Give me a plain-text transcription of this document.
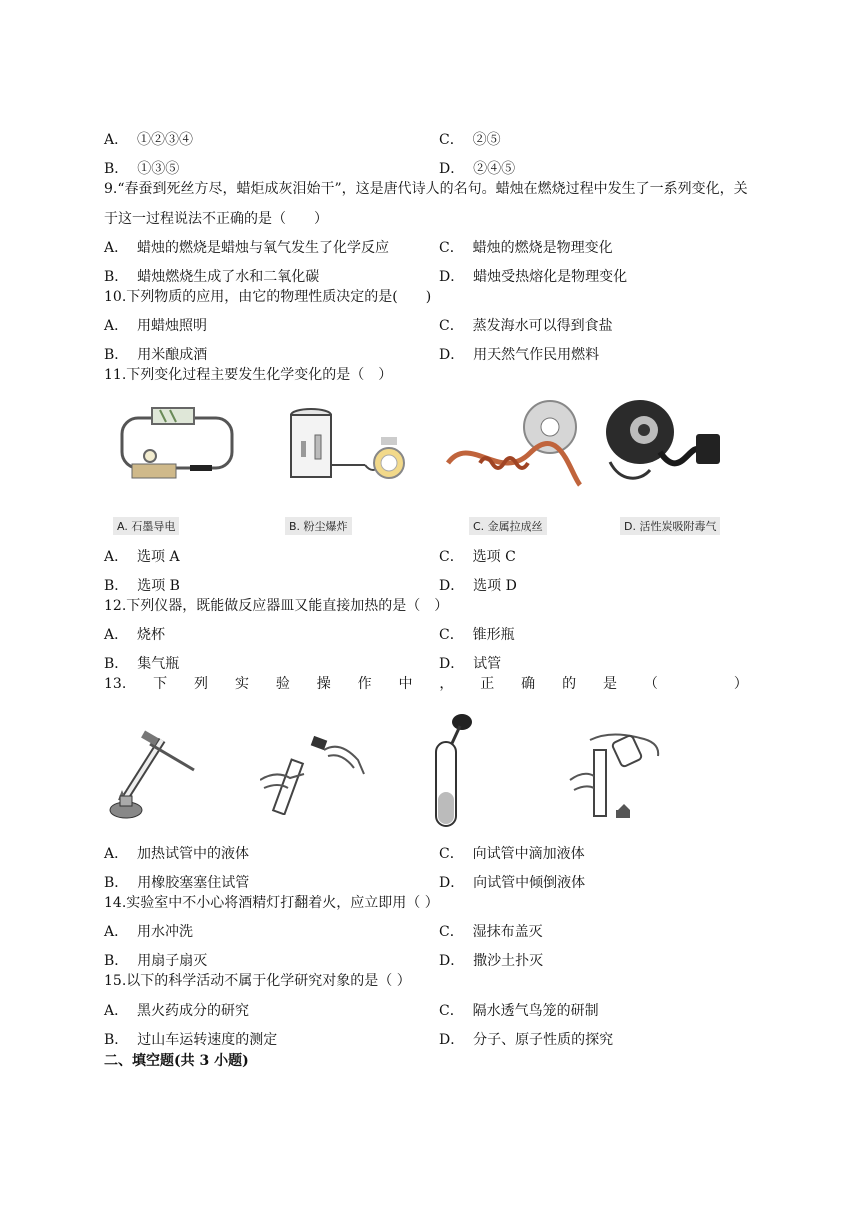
A． ①②③④	C． ②⑤
B． ①③⑤	D． ②④⑤
9.“春蚕到死丝方尽，蜡炬成灰泪始干”，这是唐代诗人的名句。蜡烛在燃烧过程中发生了一系列变化，关于这一过程说法不正确的是（　　）
A． 蜡烛的燃烧是蜡烛与氧气发生了化学反应	C． 蜡烛的燃烧是物理变化
B． 蜡烛燃烧生成了水和二氧化碳	D． 蜡烛受热熔化是物理变化
10.下列物质的应用，由它的物理性质决定的是(　　)
A． 用蜡烛照明	C． 蒸发海水可以得到食盐
B． 用米酿成酒	D． 用天然气作民用燃料
11.下列变化过程主要发生化学变化的是（　）
A. 石墨导电	B. 粉尘爆炸	C. 金属拉成丝	D. 活性炭吸附毒气
A． 选项 A	C． 选项 C
B． 选项 B	D． 选项 D
12.下列仪器，既能做反应器皿又能直接加热的是（　）
A． 烧杯	C． 锥形瓶
B． 集气瓶	D． 试管
13. 下 列 实 验 操 作 中 ， 正 确 的 是 （	）
A． 加热试管中的液体	C． 向试管中滴加液体
B． 用橡胶塞塞住试管	D． 向试管中倾倒液体
14.实验室中不小心将酒精灯打翻着火，应立即用（ ）
A． 用水冲洗	C． 湿抹布盖灭
B． 用扇子扇灭	D． 撒沙土扑灭
15.以下的科学活动不属于化学研究对象的是（ ）
A． 黑火药成分的研究	C． 隔水透气鸟笼的研制
B． 过山车运转速度的测定	D． 分子、原子性质的探究
二、填空题(共 3 小题)
